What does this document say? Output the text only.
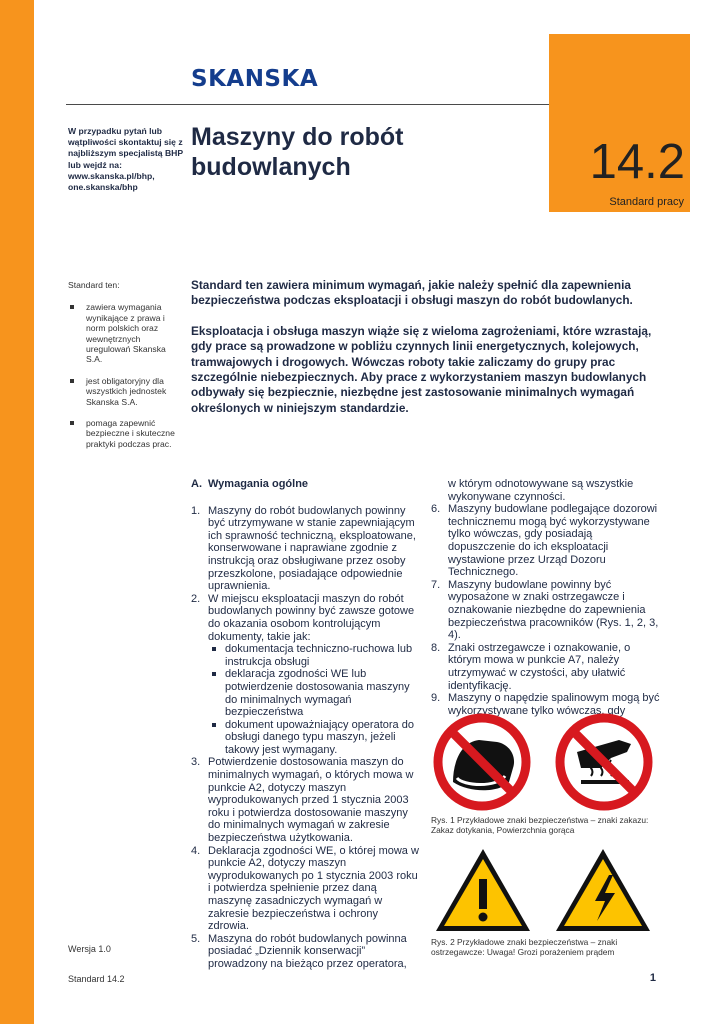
SKANSKA
14.2
Standard pracy
W przypadku pytań lub wątpliwości skontaktuj się z najbliższym specjalistą BHP lub wejdź na: www.skanska.pl/bhp, one.skanska/bhp
Maszyny do robót budowlanych
Standard ten:
zawiera wymagania wynikające z prawa i norm polskich oraz wewnętrznych uregulowań Skanska S.A.
jest obligatoryjny dla wszystkich jednostek Skanska S.A.
pomaga zapewnić bezpieczne i skuteczne praktyki podczas prac.

Standard ten zawiera minimum wymagań, jakie należy spełnić dla zapewnienia bezpieczeństwa podczas eksploatacji i obsługi maszyn do robót budowlanych.

Eksploatacja i obsługa maszyn wiąże się z wieloma zagrożeniami, które wzrastają, gdy prace są prowadzone w pobliżu czynnych linii energetycznych, kolejowych, tramwajowych i drogowych. Wówczas roboty takie zaliczamy do grupy prac szczególnie niebezpiecznych. Aby prace z wykorzystaniem maszyn budowlanych odbywały się bezpiecznie, niezbędne jest zastosowanie minimalnych wymagań określonych w niniejszym standardzie.

A. Wymagania ogólne
1. Maszyny do robót budowlanych powinny być utrzymywane w stanie zapewniającym ich sprawność techniczną, eksploatowane, konserwowane i naprawiane zgodnie z instrukcją oraz obsługiwane przez osoby przeszkolone, posiadające odpowiednie uprawnienia.
2. W miejscu eksploatacji maszyn do robót budowlanych powinny być zawsze gotowe do okazania osobom kontrolującym dokumenty, takie jak:
dokumentacja techniczno-ruchowa lub instrukcja obsługi
deklaracja zgodności WE lub potwierdzenie dostosowania maszyny do minimalnych wymagań bezpieczeństwa
dokument upoważniający operatora do obsługi danego typu maszyn, jeżeli takowy jest wymagany.
3. Potwierdzenie dostosowania maszyn do minimalnych wymagań, o których mowa w punkcie A2, dotyczy maszyn wyprodukowanych przed 1 stycznia 2003 roku i potwierdza dostosowanie maszyny do minimalnych wymagań w zakresie bezpieczeństwa użytkowania.
4. Deklaracja zgodności WE, o której mowa w punkcie A2, dotyczy maszyn wyprodukowanych po 1 stycznia 2003 roku i potwierdza spełnienie przez daną maszynę zasadniczych wymagań w zakresie bezpieczeństwa i ochrony zdrowia.
5. Maszyna do robót budowlanych powinna posiadać „Dziennik konserwacji” prowadzony na bieżąco przez operatora,
w którym odnotowywane są wszystkie wykonywane czynności.
6. Maszyny budowlane podlegające dozorowi technicznemu mogą być wykorzystywane tylko wówczas, gdy posiadają dopuszczenie do ich eksploatacji wystawione przez Urząd Dozoru Technicznego.
7. Maszyny budowlane powinny być wyposażone w znaki ostrzegawcze i oznakowanie niezbędne do zapewnienia bezpieczeństwa pracowników (Rys. 1, 2, 3, 4).
8. Znaki ostrzegawcze i oznakowanie, o którym mowa w punkcie A7, należy utrzymywać w czystości, aby ułatwić identyfikację.
9. Maszyny o napędzie spalinowym mogą być wykorzystywane tylko wówczas, gdy
Rys. 1 Przykładowe znaki bezpieczeństwa – znaki zakazu: Zakaz dotykania, Powierzchnia gorąca
Rys. 2 Przykładowe znaki bezpieczeństwa – znaki ostrzegawcze: Uwaga! Grozi porażeniem prądem
Wersja 1.0
Standard 14.2	1
